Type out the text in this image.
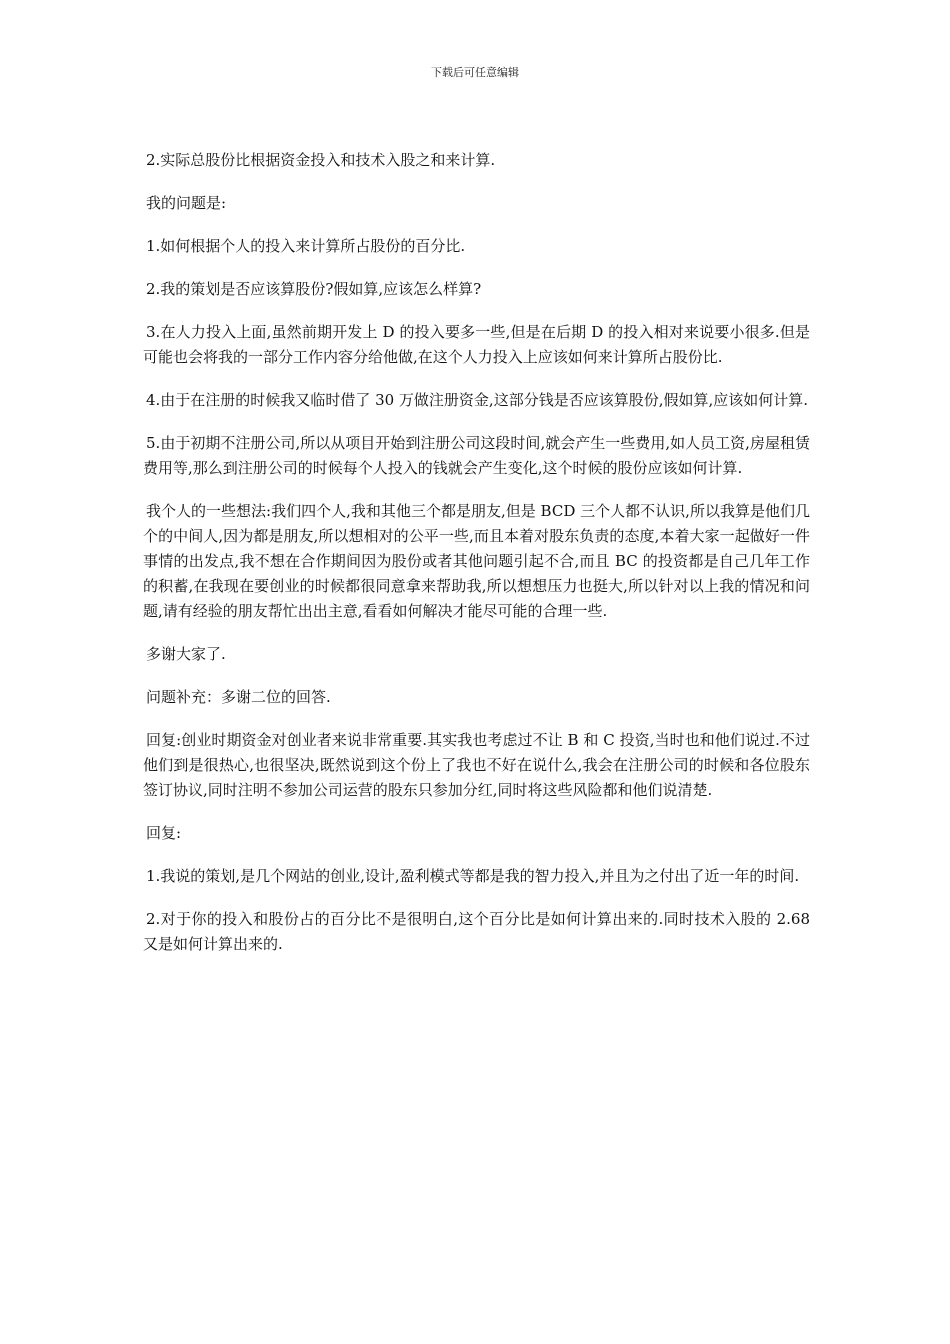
下载后可任意编辑

2.实际总股份比根据资金投入和技术入股之和来计算.

我的问题是:

1.如何根据个人的投入来计算所占股份的百分比.

2.我的策划是否应该算股份?假如算,应该怎么样算?

3.在人力投入上面,虽然前期开发上 D 的投入要多一些,但是在后期 D 的投入相对来说要小很多.但是可能也会将我的一部分工作内容分给他做,在这个人力投入上应该如何来计算所占股份比.

4.由于在注册的时候我又临时借了 30 万做注册资金,这部分钱是否应该算股份,假如算,应该如何计算.

5.由于初期不注册公司,所以从项目开始到注册公司这段时间,就会产生一些费用,如人员工资,房屋租赁费用等,那么到注册公司的时候每个人投入的钱就会产生变化,这个时候的股份应该如何计算.

我个人的一些想法:我们四个人,我和其他三个都是朋友,但是 BCD 三个人都不认识,所以我算是他们几个的中间人,因为都是朋友,所以想相对的公平一些,而且本着对股东负责的态度,本着大家一起做好一件事情的出发点,我不想在合作期间因为股份或者其他问题引起不合,而且 BC 的投资都是自己几年工作的积蓄,在我现在要创业的时候都很同意拿来帮助我,所以想想压力也挺大,所以针对以上我的情况和问题,请有经验的朋友帮忙出出主意,看看如何解决才能尽可能的合理一些.

多谢大家了.

问题补充：多谢二位的回答.

回复:创业时期资金对创业者来说非常重要.其实我也考虑过不让 B 和 C 投资,当时也和他们说过.不过他们到是很热心,也很坚决,既然说到这个份上了我也不好在说什么,我会在注册公司的时候和各位股东签订协议,同时注明不参加公司运营的股东只参加分红,同时将这些风险都和他们说清楚.

回复:

1.我说的策划,是几个网站的创业,设计,盈利模式等都是我的智力投入,并且为之付出了近一年的时间.

2.对于你的投入和股份占的百分比不是很明白,这个百分比是如何计算出来的.同时技术入股的 2.68 又是如何计算出来的.
